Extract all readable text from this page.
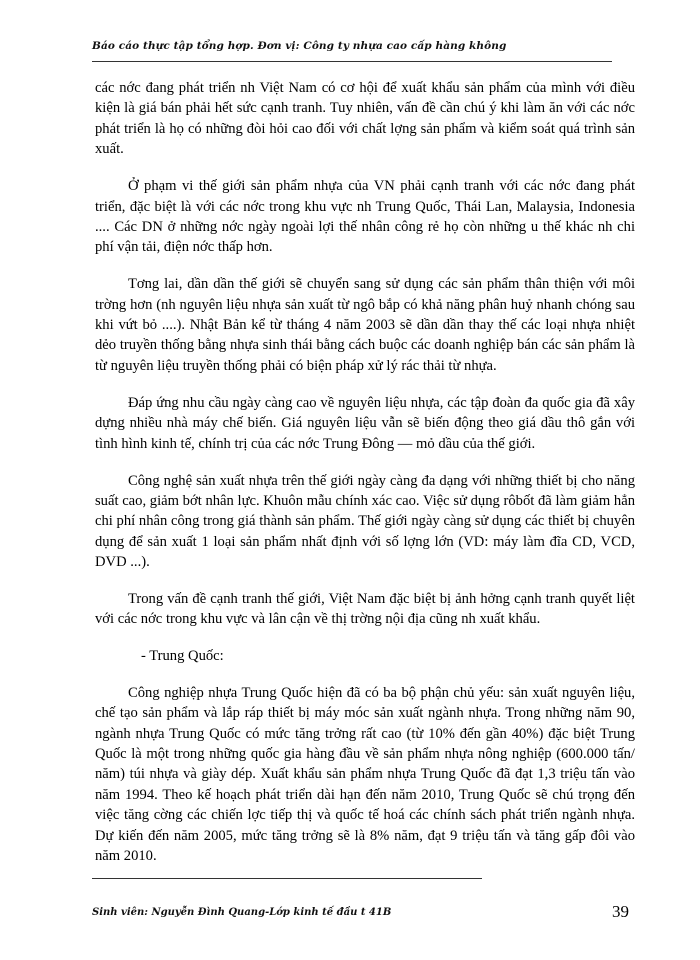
Báo cáo thực tập tổng hợp. Đơn vị: Công ty nhựa cao cấp hàng không

các nớc đang phát triển nh Việt Nam có cơ hội để xuất khẩu sản phẩm của mình với điều kiện là giá bán phải hết sức cạnh tranh. Tuy nhiên, vấn đề cần chú ý khi làm ăn với các nớc phát triển là họ có những đòi hỏi cao đối với chất lợng sản phẩm và kiểm soát quá trình sản xuất.

Ở phạm vi thế giới sản phẩm nhựa của VN phải cạnh tranh với các nớc đang phát triển, đặc biệt là với các nớc trong khu vực nh Trung Quốc, Thái Lan, Malaysia, Indonesia .... Các DN ở những nớc ngày ngoài lợi thế nhân công rẻ họ còn những u thế khác nh chi phí vận tải, điện nớc thấp hơn.

Tơng lai, dần dần thế giới sẽ chuyển sang sử dụng các sản phẩm thân thiện với môi trờng hơn (nh nguyên liệu nhựa sản xuất từ ngô bắp có khả năng phân huỷ nhanh chóng sau khi vứt bỏ ....). Nhật Bản kể từ tháng 4 năm 2003 sẽ dần dần thay thế các loại nhựa nhiệt dẻo truyền thống bằng nhựa sinh thái bằng cách buộc các doanh nghiệp bán các sản phẩm là từ nguyên liệu truyền thống phải có biện pháp xử lý rác thải từ nhựa.

Đáp ứng nhu cầu ngày càng cao về nguyên liệu nhựa, các tập đoàn đa quốc gia đã xây dựng nhiều nhà máy chế biến. Giá nguyên liệu vẫn sẽ biến động theo giá dầu thô gắn với tình hình kinh tế, chính trị của các nớc Trung Đông — mỏ dầu của thế giới.

Công nghệ sản xuất nhựa trên thế giới ngày càng đa dạng với những thiết bị cho năng suất cao, giảm bớt nhân lực. Khuôn mẫu chính xác cao. Việc sử dụng rôbốt đã làm giảm hẳn chi phí nhân công trong giá thành sản phẩm. Thế giới ngày càng sử dụng các thiết bị chuyên dụng để sản xuất 1 loại sản phẩm nhất định với số lợng lớn (VD: máy làm đĩa CD, VCD, DVD ...).

Trong vấn đề cạnh tranh thế giới, Việt Nam đặc biệt bị ảnh hởng cạnh tranh quyết liệt với các nớc trong khu vực và lân cận về thị trờng nội địa cũng nh xuất khẩu.

- Trung Quốc:

Công nghiệp nhựa Trung Quốc hiện đã có ba bộ phận chủ yếu: sản xuất nguyên liệu, chế tạo sản phẩm và lắp ráp thiết bị máy móc sản xuất ngành nhựa. Trong những năm 90, ngành nhựa Trung Quốc có mức tăng trởng rất cao (từ 10% đến gần 40%) đặc biệt Trung Quốc là một trong những quốc gia hàng đầu về sản phẩm nhựa nông nghiệp (600.000 tấn/ năm) túi nhựa và giày dép. Xuất khẩu sản phẩm nhựa Trung Quốc đã đạt 1,3 triệu tấn vào năm 1994. Theo kế hoạch phát triển dài hạn đến năm 2010, Trung Quốc sẽ chú trọng đến việc tăng cờng các chiến lợc tiếp thị và quốc tế hoá các chính sách phát triển ngành nhựa. Dự kiến đến năm 2005, mức tăng trởng sẽ là 8% năm, đạt 9 triệu tấn và tăng gấp đôi vào năm 2010.

Sinh viên: Nguyễn Đình Quang-Lớp kinh tế đầu t 41B	39
